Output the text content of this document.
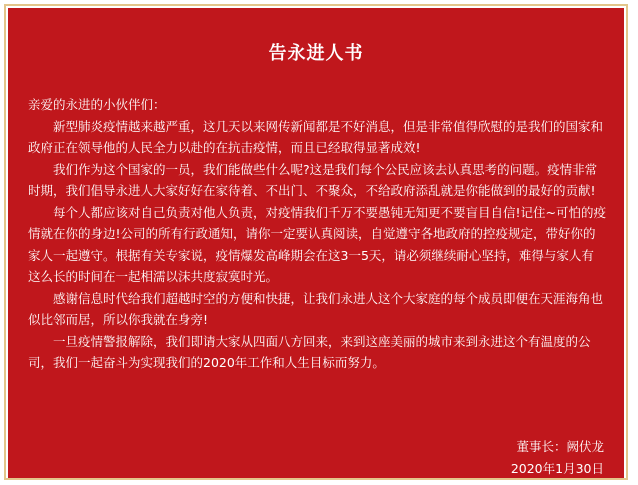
告永进人书

亲爱的永进的小伙伴们：

新型肺炎疫情越来越严重，这几天以来网传新闻都是不好消息，但是非常值得欣慰的是我们的国家和政府正在领导他的人民全力以赴的在抗击疫情，而且已经取得显著成效!

我们作为这个国家的一员，我们能做些什么呢?这是我们每个公民应该去认真思考的问题。疫情非常时期，我们倡导永进人大家好好在家待着、不出门、不聚众，不给政府添乱就是你能做到的最好的贡献!

每个人都应该对自己负责对他人负责，对疫情我们千万不要愚钝无知更不要盲目自信!记住~可怕的疫情就在你的身边!公司的所有行政通知，请你一定要认真阅读，自觉遵守各地政府的控疫规定，带好你的家人一起遵守。根据有关专家说，疫情爆发高峰期会在这3一5天，请必须继续耐心坚持，难得与家人有这么长的时间在一起相濡以沫共度寂寞时光。

感谢信息时代给我们超越时空的方便和快捷，让我们永进人这个大家庭的每个成员即便在天涯海角也似比邻而居，所以你我就在身旁!

一旦疫情警报解除，我们即请大家从四面八方回来，来到这座美丽的城市来到永进这个有温度的公司，我们一起奋斗为实现我们的2020年工作和人生目标而努力。

董事长：阙伏龙
2020年1月30日
